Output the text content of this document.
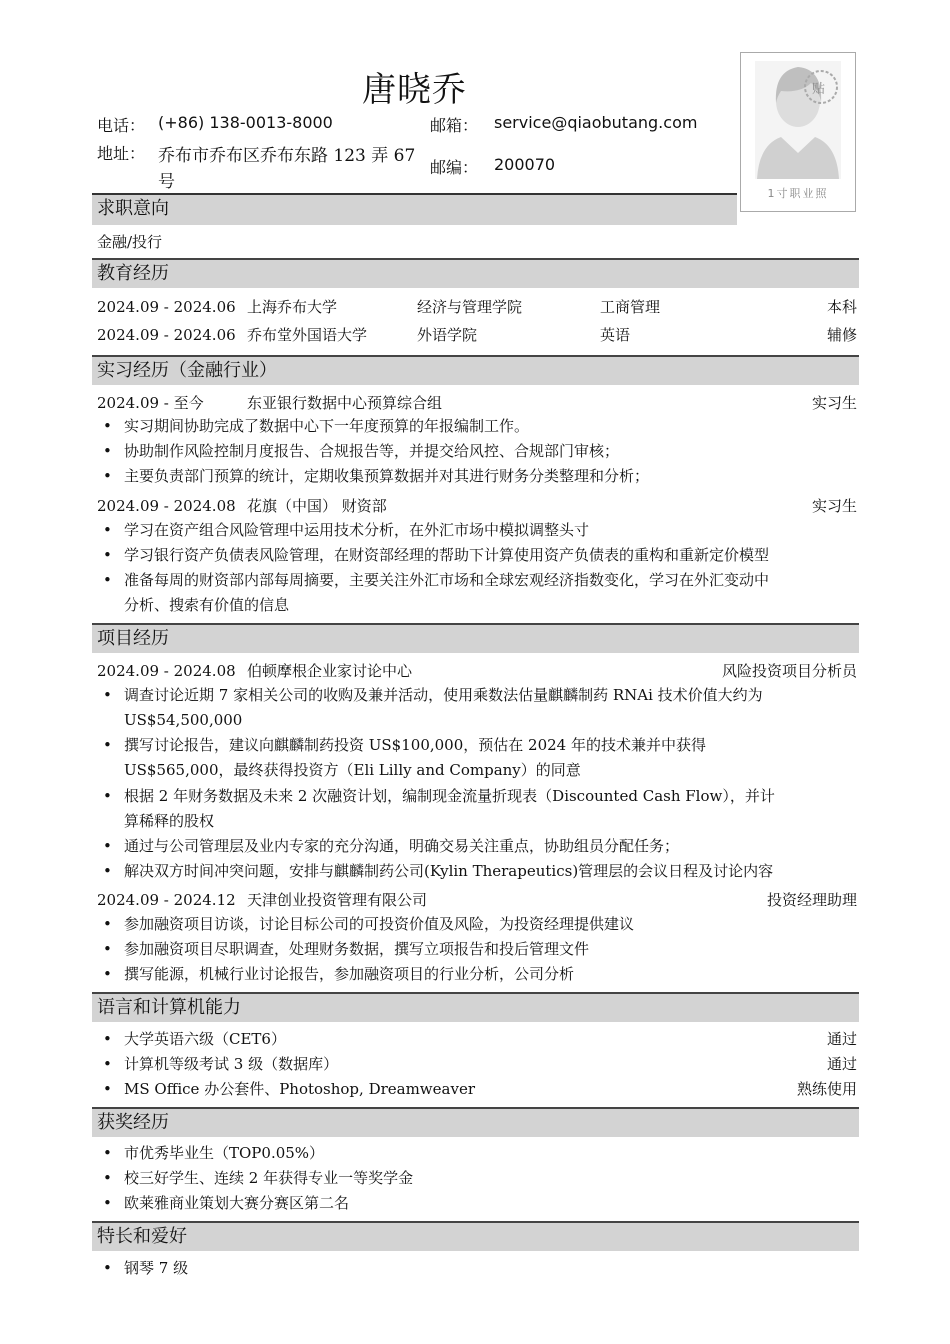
唐晓乔
电话： (+86) 138-0013-8000	邮箱： service@qiaobutang.com
地址： 乔布市乔布区乔布东路 123 弄 67
号
邮编： 200070
贴
1寸职业照
求职意向
金融/投行
教育经历
2024.09 - 2024.06 上海乔布大学	经济与管理学院	工商管理	本科
2024.09 - 2024.06 乔布堂外国语大学	外语学院	英语	辅修
实习经历（金融行业）
2024.09 - 至今	东亚银行数据中心预算综合组	实习生
• 实习期间协助完成了数据中心下一年度预算的年报编制工作。
• 协助制作风险控制月度报告、合规报告等，并提交给风控、合规部门审核；
• 主要负责部门预算的统计，定期收集预算数据并对其进行财务分类整理和分析；
2024.09 - 2024.08 花旗（中国） 财资部	实习生
• 学习在资产组合风险管理中运用技术分析，在外汇市场中模拟调整头寸
• 学习银行资产负债表风险管理，在财资部经理的帮助下计算使用资产负债表的重构和重新定价模型
• 准备每周的财资部内部每周摘要，主要关注外汇市场和全球宏观经济指数变化，学习在外汇变动中
分析、搜索有价值的信息
项目经历
2024.09 - 2024.08 伯顿摩根企业家讨论中心	风险投资项目分析员
• 调查讨论近期 7 家相关公司的收购及兼并活动，使用乘数法估量麒麟制药 RNAi 技术价值大约为
US$54,500,000
• 撰写讨论报告，建议向麒麟制药投资 US$100,000，预估在 2024 年的技术兼并中获得
US$565,000，最终获得投资方（Eli Lilly and Company）的同意
• 根据 2 年财务数据及未来 2 次融资计划，编制现金流量折现表（Discounted Cash Flow），并计
算稀释的股权
• 通过与公司管理层及业内专家的充分沟通，明确交易关注重点，协助组员分配任务；
• 解决双方时间冲突问题，安排与麒麟制药公司(Kylin Therapeutics)管理层的会议日程及讨论内容
2024.09 - 2024.12 天津创业投资管理有限公司	投资经理助理
• 参加融资项目访谈，讨论目标公司的可投资价值及风险，为投资经理提供建议
• 参加融资项目尽职调查，处理财务数据，撰写立项报告和投后管理文件
• 撰写能源，机械行业讨论报告，参加融资项目的行业分析，公司分析
语言和计算机能力
• 大学英语六级（CET6）	通过
• 计算机等级考试 3 级（数据库）	通过
• MS Office 办公套件、Photoshop, Dreamweaver	熟练使用
获奖经历
• 市优秀毕业生（TOP0.05%）
• 校三好学生、连续 2 年获得专业一等奖学金
• 欧莱雅商业策划大赛分赛区第二名
特长和爱好
• 钢琴 7 级
